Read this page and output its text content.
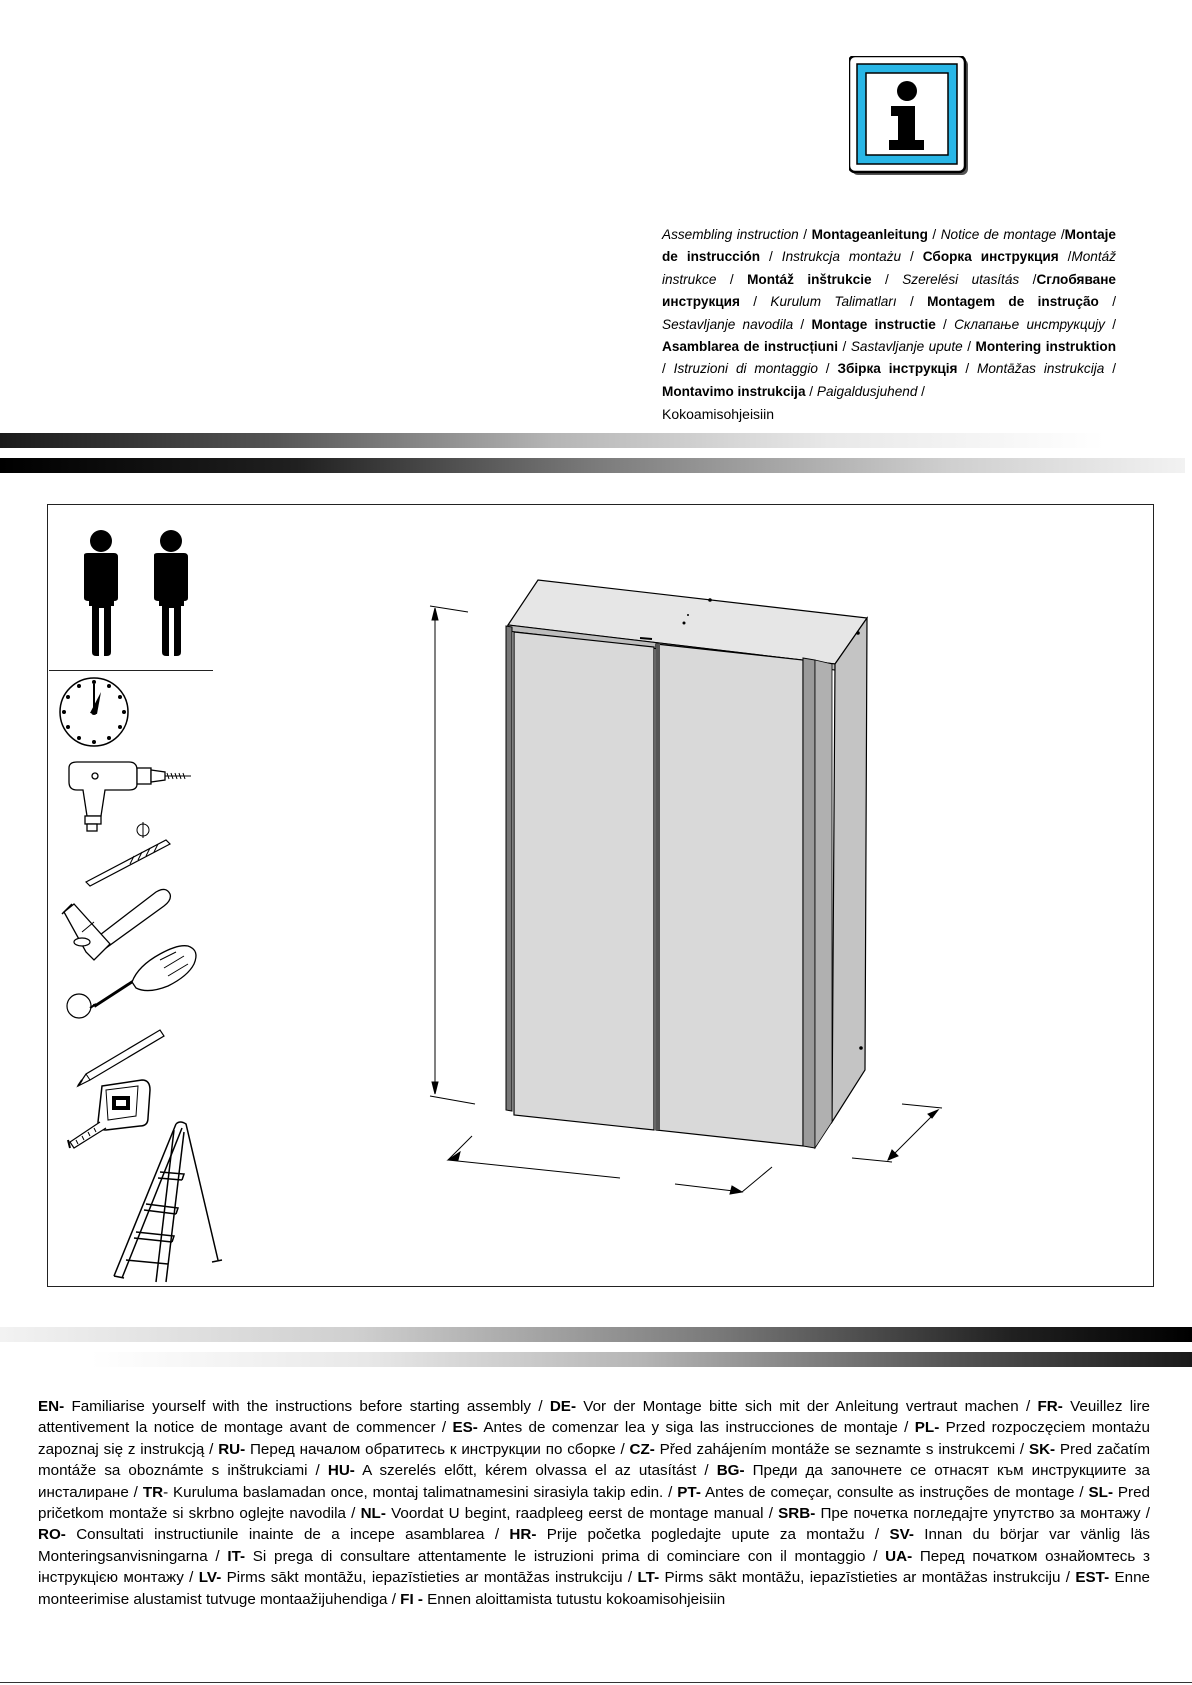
Assembling instruction / Montageanleitung / Notice de montage /Montaje de instrucción / Instrukcja montażu / Сборка инструкция /Montáž instrukce / Montáž inštrukcie / Szerelési utasítás /Сглобяване инструкция / Kurulum Talimatları / Montagem de instrução / Sestavljanje navodila / Montage instructie / Склапање инструкцију / Asamblarea de instrucțiuni / Sastavljanje upute / Montering instruktion / Istruzioni di montaggio / Збірка інструкція / Montāžas instrukcija / Montavimo instrukcija / Paigaldusjuhend /
Kokoamisohjeisiin
EN- Familiarise yourself with the instructions before starting assembly / DE- Vor der Montage bitte sich mit der Anleitung vertraut machen / FR- Veuillez lire attentivement la notice de montage avant de commencer / ES- Antes de comenzar lea y siga las instrucciones de montaje / PL- Przed rozpoczęciem montażu zapoznaj się z instrukcją / RU- Перед началом обратитесь к инструкции по сборке / CZ- Před zahájením montáže se seznamte s instrukcemi / SK- Pred začatím montáže sa oboznámte s inštrukciami / HU- A szerelés előtt, kérem olvassa el az utasítást / BG- Преди да започнете се отнасят към инструкциите за инсталиране / TR- Kuruluma baslamadan once, montaj talimatnamesini sirasiyla takip edin. / PT- Antes de começar, consulte as instruções de montage / SL- Pred pričetkom montaže si skrbno oglejte navodila / NL- Voordat U begint, raadpleeg eerst de montage manual / SRB- Пре почетка погледајте упутство за монтажу / RO- Consultati instructiunile inainte de a incepe asamblarea / HR- Prije početka pogledajte upute za montažu / SV- Innan du börjar var vänlig läs Monteringsanvisningarna / IT- Si prega di consultare attentamente le istruzioni prima di cominciare con il montaggio / UA- Перед початком ознайомтесь з інструкцією монтажу / LV- Pirms sākt montāžu, iepazīstieties ar montāžas instrukciju / LT- Pirms sākt montāžu, iepazīstieties ar montāžas instrukciju / EST- Enne monteerimise alustamist tutvuge montaažijuhendiga / FI - Ennen aloittamista tutustu kokoamisohjeisiin
